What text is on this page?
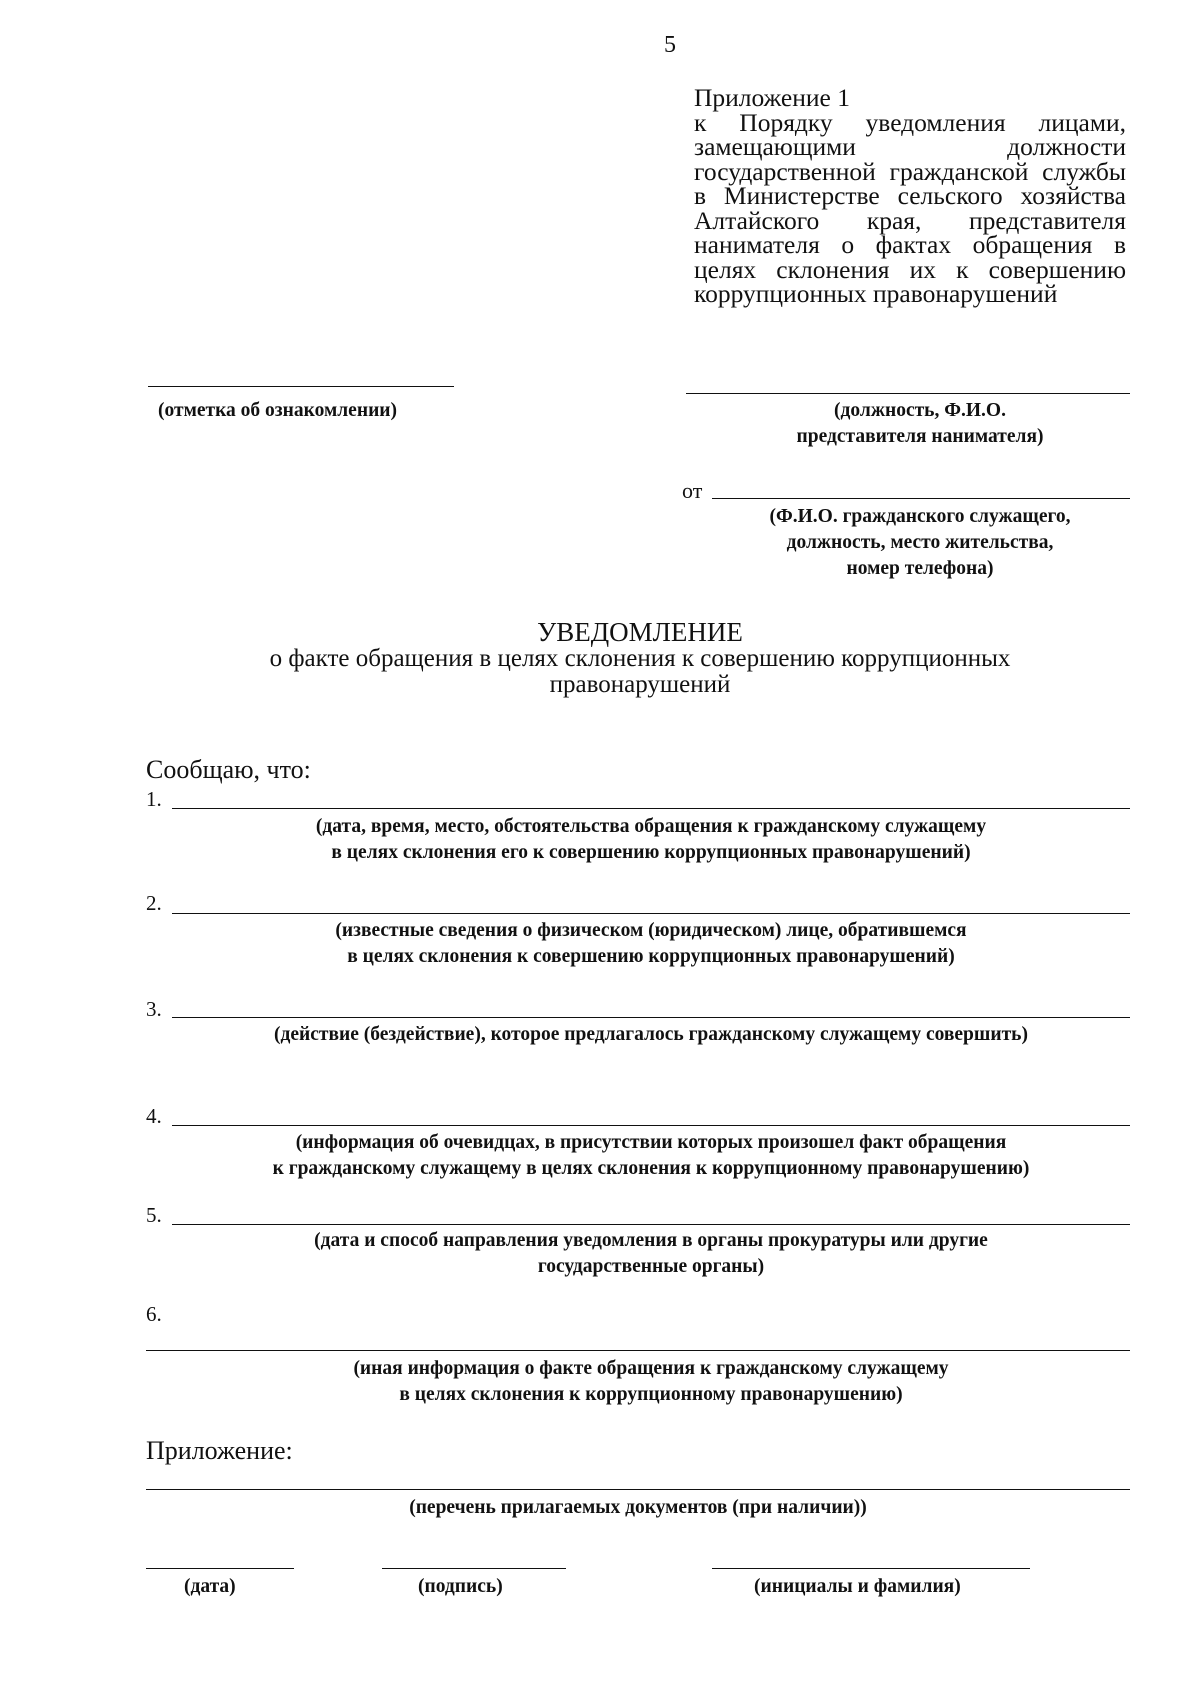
5
Приложение 1
к Порядку уведомления лицами, замещающими должности государственной гражданской службы в Министерстве сельского хозяйства Алтайского края, представителя нанимателя о фактах обращения в целях склонения их к совершению коррупционных правонарушений
(отметка об ознакомлении)	(должность, Ф.И.О.
представителя нанимателя)
от
(Ф.И.О. гражданского служащего,
должность, место жительства,
номер телефона)
УВЕДОМЛЕНИЕ
о факте обращения в целях склонения к совершению коррупционных
правонарушений
Сообщаю, что:
1.
(дата, время, место, обстоятельства обращения к гражданскому служащему
в целях склонения его к совершению коррупционных правонарушений)
2.
(известные сведения о физическом (юридическом) лице, обратившемся
в целях склонения к совершению коррупционных правонарушений)
3.
(действие (бездействие), которое предлагалось гражданскому служащему совершить)
4.
(информация об очевидцах, в присутствии которых произошел факт обращения
к гражданскому служащему в целях склонения к коррупционному правонарушению)
5.
(дата и способ направления уведомления в органы прокуратуры или другие
государственные органы)
6.
(иная информация о факте обращения к гражданскому служащему
в целях склонения к коррупционному правонарушению)
Приложение:
(перечень прилагаемых документов (при наличии))
(дата)	(подпись)	(инициалы и фамилия)
